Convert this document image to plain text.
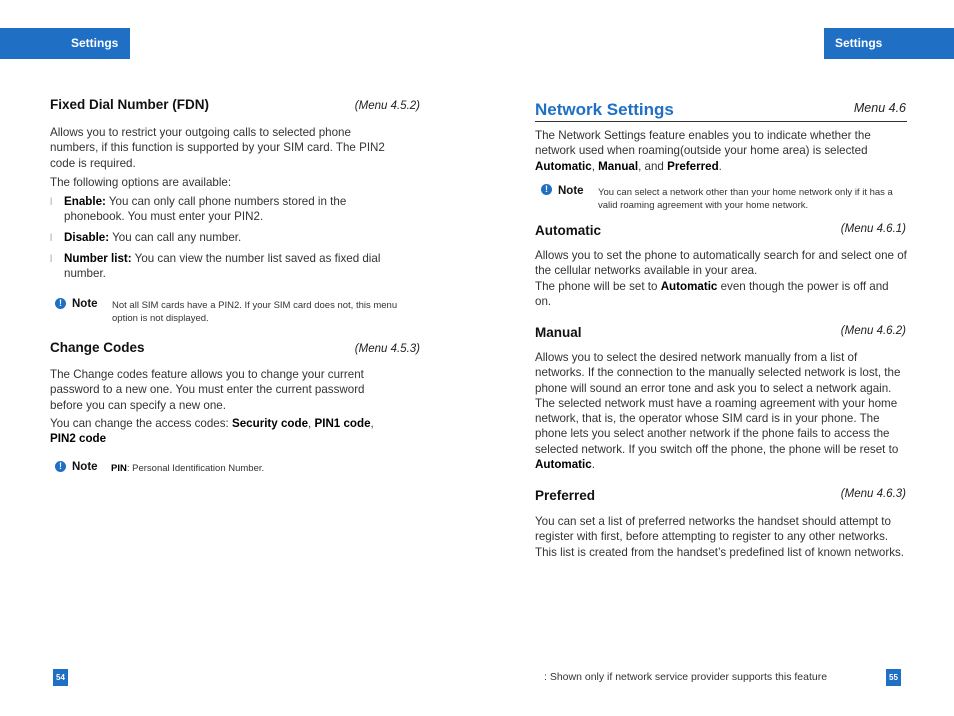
Settings	Settings
Fixed Dial Number (FDN)	(Menu 4.5.2)
Allows you to restrict your outgoing calls to selected phone numbers, if this function is supported by your SIM card. The PIN2 code is required.
The following options are available:
l Enable: You can only call phone numbers stored in the phonebook. You must enter your PIN2.
l Disable: You can call any number.
l Number list: You can view the number list saved as fixed dial number.
! Note Not all SIM cards have a PIN2. If your SIM card does not, this menu option is not displayed.
Change Codes	(Menu 4.5.3)
The Change codes feature allows you to change your current password to a new one. You must enter the current password before you can specify a new one.
You can change the access codes: Security code, PIN1 code,
PIN2 code
! Note PIN: Personal Identification Number.
54
Network Settings	Menu 4.6
The Network Settings feature enables you to indicate whether the network used when roaming(outside your home area) is selected Automatic, Manual, and Preferred.
! Note You can select a network other than your home network only if it has a valid roaming agreement with your home network.
Automatic	(Menu 4.6.1)
Allows you to set the phone to automatically search for and select one of the cellular networks available in your area.
The phone will be set to Automatic even though the power is off and on.
Manual	(Menu 4.6.2)
Allows you to select the desired network manually from a list of networks. If the connection to the manually selected network is lost, the phone will sound an error tone and ask you to select a network again. The selected network must have a roaming agreement with your home network, that is, the operator whose SIM card is in your phone. The phone lets you select another network if the phone fails to access the selected network. If you switch off the phone, the phone will be reset to Automatic.
Preferred	(Menu 4.6.3)
You can set a list of preferred networks the handset should attempt to register with first, before attempting to register to any other networks. This list is created from the handset’s predefined list of known networks.
: Shown only if network service provider supports this feature	55
